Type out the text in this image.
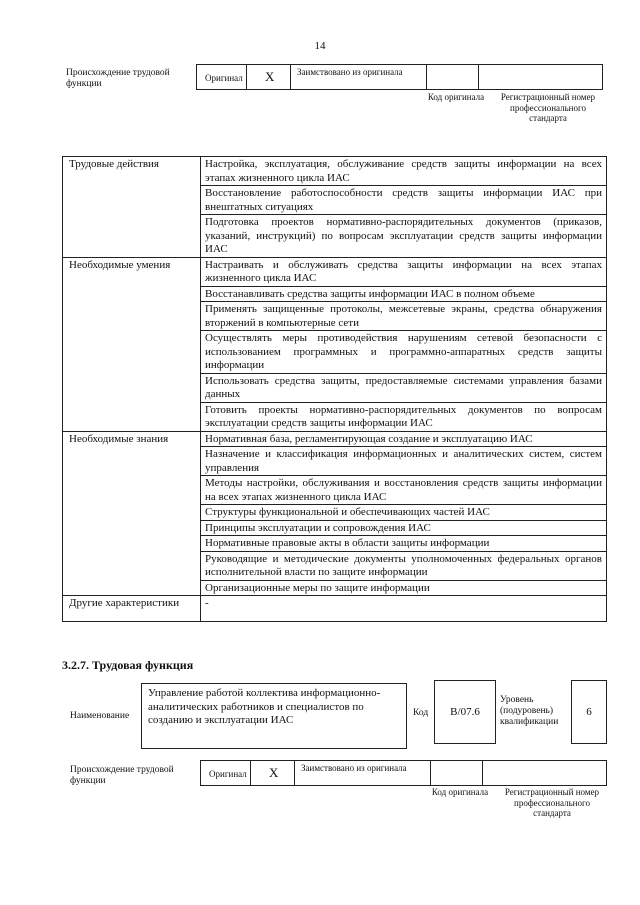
14
Происхождение трудовой функции
Оригинал X	Заимствовано из оригинала
Код оригинала Регистрационный номер профессионального стандарта
Трудовые действия	Настройка, эксплуатация, обслуживание средств защиты информации на всех этапах жизненного цикла ИАС
	Восстановление работоспособности средств защиты информации ИАС при внештатных ситуациях
	Подготовка проектов нормативно-распорядительных документов (приказов, указаний, инструкций) по вопросам эксплуатации средств защиты информации ИАС
Необходимые умения	Настраивать и обслуживать средства защиты информации на всех этапах жизненного цикла ИАС
	Восстанавливать средства защиты информации ИАС в полном объеме
	Применять защищенные протоколы, межсетевые экраны, средства обнаружения вторжений в компьютерные сети
	Осуществлять меры противодействия нарушениям сетевой безопасности с использованием программных и программно-аппаратных средств защиты информации
	Использовать средства защиты, предоставляемые системами управления базами данных
	Готовить проекты нормативно-распорядительных документов по вопросам эксплуатации средств защиты информации ИАС
Необходимые знания	Нормативная база, регламентирующая создание и эксплуатацию ИАС
	Назначение и классификация информационных и аналитических систем, систем управления
	Методы настройки, обслуживания и восстановления средств защиты информации на всех этапах жизненного цикла ИАС
	Структуры функциональной и обеспечивающих частей ИАС
	Принципы эксплуатации и сопровождения ИАС
	Нормативные правовые акты в области защиты информации
	Руководящие и методические документы уполномоченных федеральных органов исполнительной власти по защите информации
	Организационные меры по защите информации
Другие характеристики	-
3.2.7. Трудовая функция
Наименование
Управление работой коллектива информационно-аналитических работников и специалистов по созданию и эксплуатации ИАС
Код	B/07.6
Уровень (подуровень) квалификации
6
Происхождение трудовой функции
Оригинал X	Заимствовано из оригинала
Код оригинала Регистрационный номер профессионального стандарта
